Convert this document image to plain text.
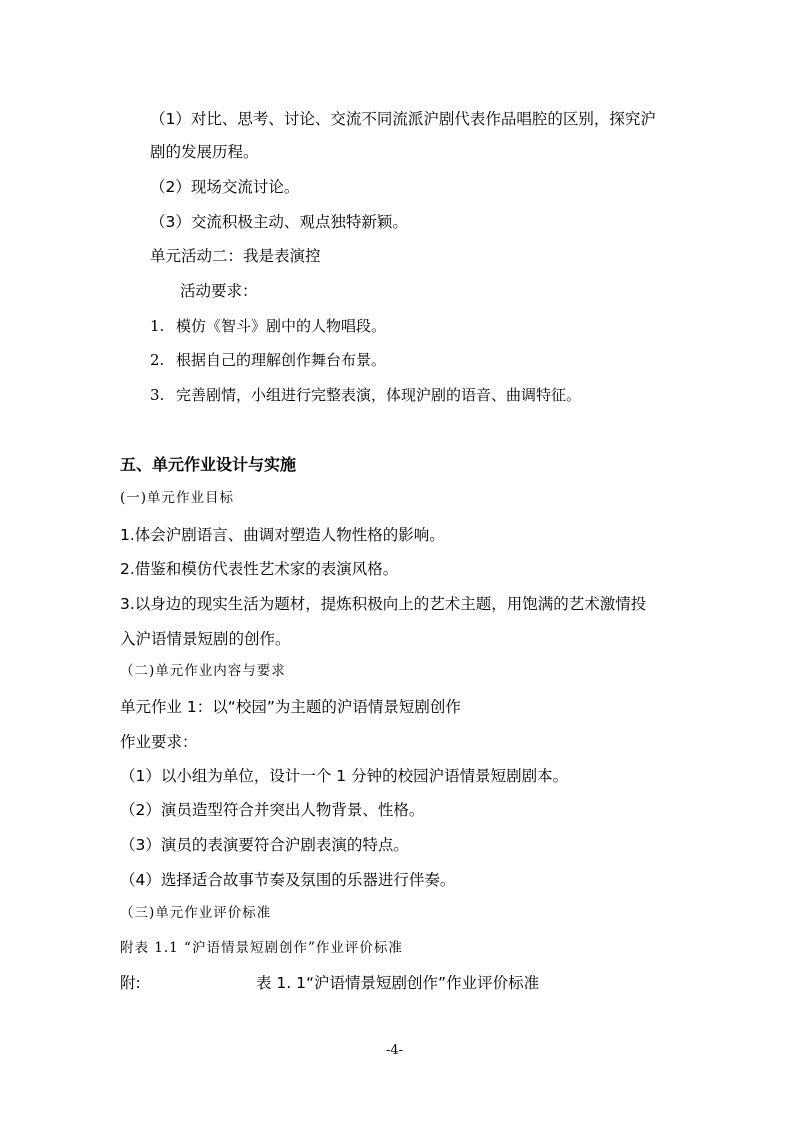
（1）对比、思考、讨论、交流不同流派沪剧代表作品唱腔的区别，探究沪
剧的发展历程。
（2）现场交流讨论。
（3）交流积极主动、观点独特新颖。
单元活动二：我是表演控
活动要求：
1. 模仿《智斗》剧中的人物唱段。
2. 根据自己的理解创作舞台布景。
3. 完善剧情，小组进行完整表演，体现沪剧的语音、曲调特征。
五、单元作业设计与实施
(一)单元作业目标
1.体会沪剧语言、曲调对塑造人物性格的影响。
2.借鉴和模仿代表性艺术家的表演风格。
3.以身边的现实生活为题材，提炼积极向上的艺术主题，用饱满的艺术激情投
入沪语情景短剧的创作。
（二)单元作业内容与要求
单元作业 1：以“校园”为主题的沪语情景短剧创作
作业要求：
（1）以小组为单位，设计一个 1 分钟的校园沪语情景短剧剧本。
（2）演员造型符合并突出人物背景、性格。
（3）演员的表演要符合沪剧表演的特点。
（4）选择适合故事节奏及氛围的乐器进行伴奏。
（三)单元作业评价标准
附表 1.1 “沪语情景短剧创作”作业评价标准
附:	表 1. 1“沪语情景短剧创作”作业评价标准
-4-
